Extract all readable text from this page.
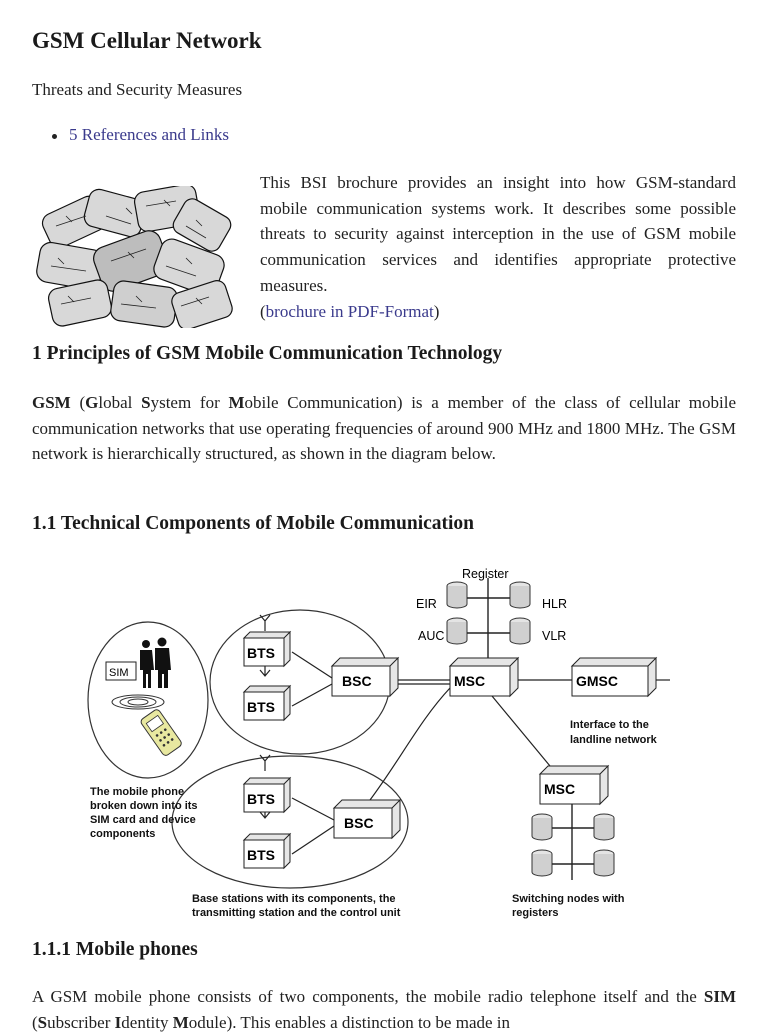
GSM Cellular Network
Threats and Security Measures
5 References and Links
This BSI brochure provides an insight into how GSM-standard mobile communication systems work. It describes some possible threats to security against interception in the use of GSM mobile communication services and identifies appropriate protective measures.
(brochure in PDF-Format)
1 Principles of GSM Mobile Communication Technology
GSM (Global System for Mobile Communication) is a member of the class of cellular mobile communication networks that use operating frequencies of around 900 MHz and 1800 MHz. The GSM network is hierarchically structured, as shown in the diagram below.
1.1 Technical Components of Mobile Communication
Register
EIR	HLR
AUC	VLR
SIM
BTS
BTS
BTS
BTS
BSC
BSC
MSC	GMSC
MSC
Interface to the
landline network
The mobile phone
broken down into its
SIM card and device
components
Base stations with its components, the
transmitting station and the control unit
Switching nodes with
registers
1.1.1 Mobile phones
A GSM mobile phone consists of two components, the mobile radio telephone itself and the SIM (Subscriber Identity Module). This enables a distinction to be made in
